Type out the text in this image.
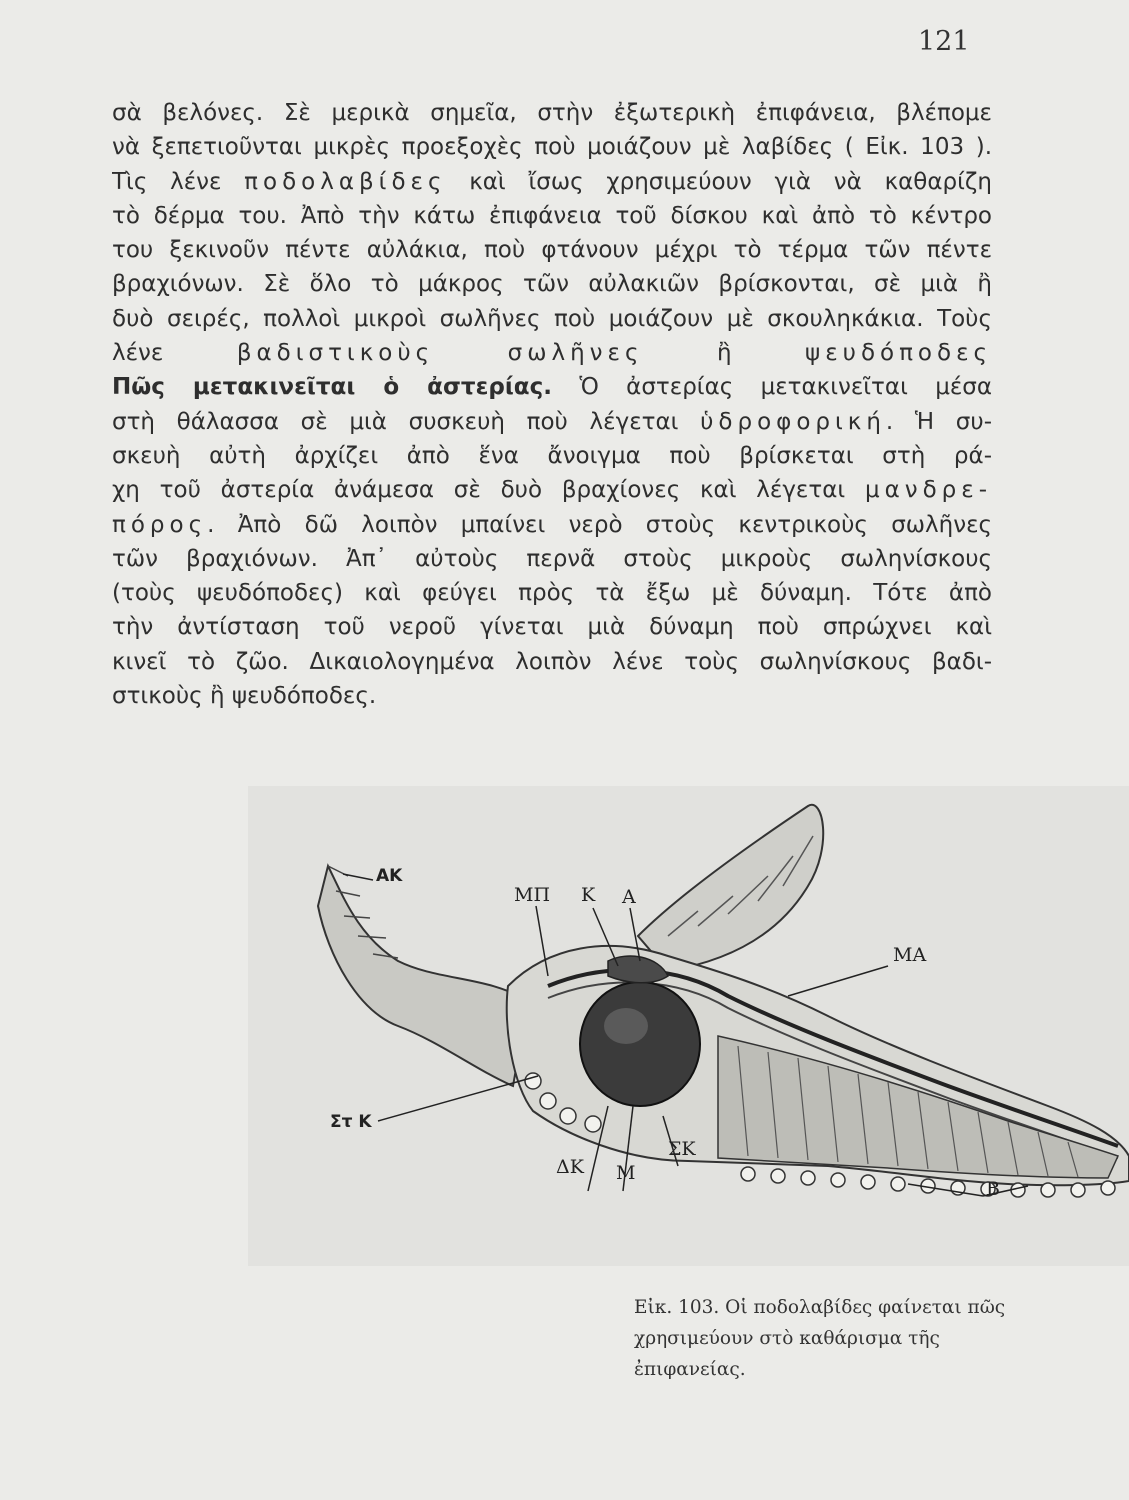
121
σὰ βελόνες. Σὲ μερικὰ σημεῖα, στὴν ἐξωτερικὴ ἐπιφάνεια, βλέπομε
νὰ ξεπετιοῦνται μικρὲς προεξοχὲς ποὺ μοιάζουν μὲ λαβίδες ( Εἰκ. 103 ).
Τὶς λένε ποδολαβίδες καὶ ἴσως χρησιμεύουν γιὰ νὰ καθαρίζη
τὸ δέρμα του. Ἀπὸ τὴν κάτω ἐπιφάνεια τοῦ δίσκου καὶ ἀπὸ τὸ κέντρο
του ξεκινοῦν πέντε αὐλάκια, ποὺ φτάνουν μέχρι τὸ τέρμα τῶν πέντε
βραχιόνων. Σὲ ὅλο τὸ μάκρος τῶν αὐλακιῶν βρίσκονται, σὲ μιὰ ἢ
δυὸ σειρές, πολλοὶ μικροὶ σωλῆνες ποὺ μοιάζουν μὲ σκουληκάκια. Τοὺς
λένε βαδιστικοὺς	σωλῆνες ἢ ψευδόποδες
Πῶς μετακινεῖται ὁ ἀστερίας. Ὁ ἀστερίας μετακινεῖται μέσα
στὴ θάλασσα σὲ μιὰ συσκευὴ ποὺ λέγεται ὑδροφορική. Ἡ συ-
σκευὴ αὐτὴ ἀρχίζει ἀπὸ ἕνα ἄνοιγμα ποὺ βρίσκεται στὴ ρά-
χη τοῦ ἀστερία ἀνάμεσα σὲ δυὸ βραχίονες καὶ λέγεται μανδρε-
πόρος. Ἀπὸ δῶ λοιπὸν μπαίνει νερὸ στοὺς κεντρικοὺς σωλῆνες
τῶν βραχιόνων. Ἀπ᾿ αὐτοὺς περνᾶ στοὺς μικροὺς σωληνίσκους
(τοὺς ψευδόποδες) καὶ φεύγει πρὸς τὰ ἔξω μὲ δύναμη. Τότε ἀπὸ
τὴν ἀντίσταση τοῦ νεροῦ γίνεται μιὰ δύναμη ποὺ σπρώχνει καὶ
κινεῖ τὸ ζῶο. Δικαιολογημένα λοιπὸν λένε τοὺς σωληνίσκους βαδι-
στικοὺς ἢ ψευδόποδες.
ΑΚ
ΜΠ Κ Α
ΜΑ
Στ Κ
ΔΚ Μ
ΣΚ
Β
Εἰκ. 103. Οἱ ποδολαβίδες φαίνεται πῶς χρησιμεύουν στὸ καθάρισμα τῆς ἐπιφανείας.
